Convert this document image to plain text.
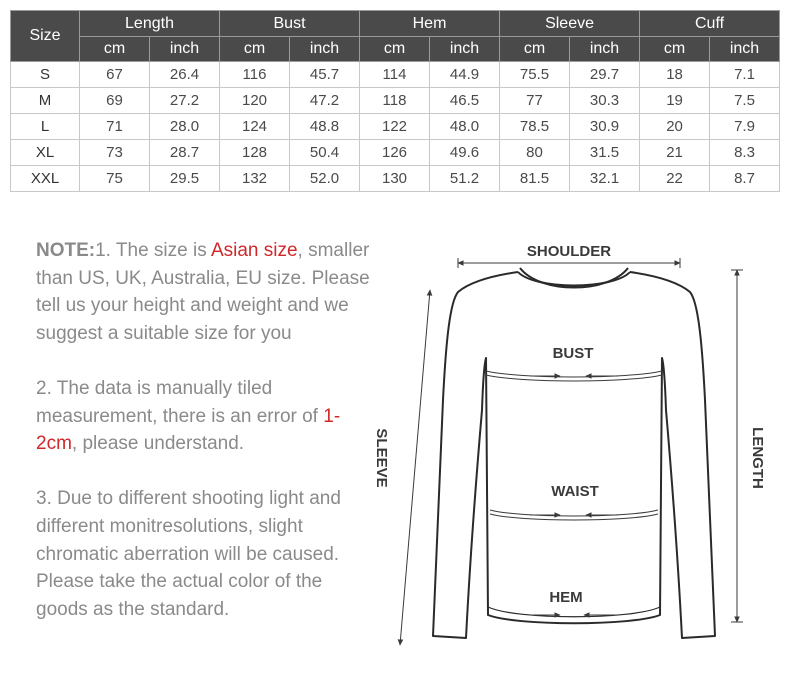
Size	Length		Bust		Hem		Sleeve		Cuff	
	cm	inch	cm	inch	cm	inch	cm	inch	cm	inch
S	67	26.4	116	45.7	114	44.9	75.5	29.7	18	7.1
M	69	27.2	120	47.2	118	46.5	77	30.3	19	7.5
L	71	28.0	124	48.8	122	48.0	78.5	30.9	20	7.9
XL	73	28.7	128	50.4	126	49.6	80	31.5	21	8.3
XXL	75	29.5	132	52.0	130	51.2	81.5	32.1	22	8.7

NOTE:1. The size is Asian size, smaller than US, UK, Australia, EU size. Please tell us your height and weight and we suggest a suitable size for you

2. The data is manually tiled measurement, there is an error of 1-2cm, please understand.

3. Due to different shooting light and different monitresolutions, slight chromatic aberration will be caused. Please take the actual color of the goods as the standard.

SHOULDER
BUST
WAIST
HEM
SLEEVE	LENGTH
